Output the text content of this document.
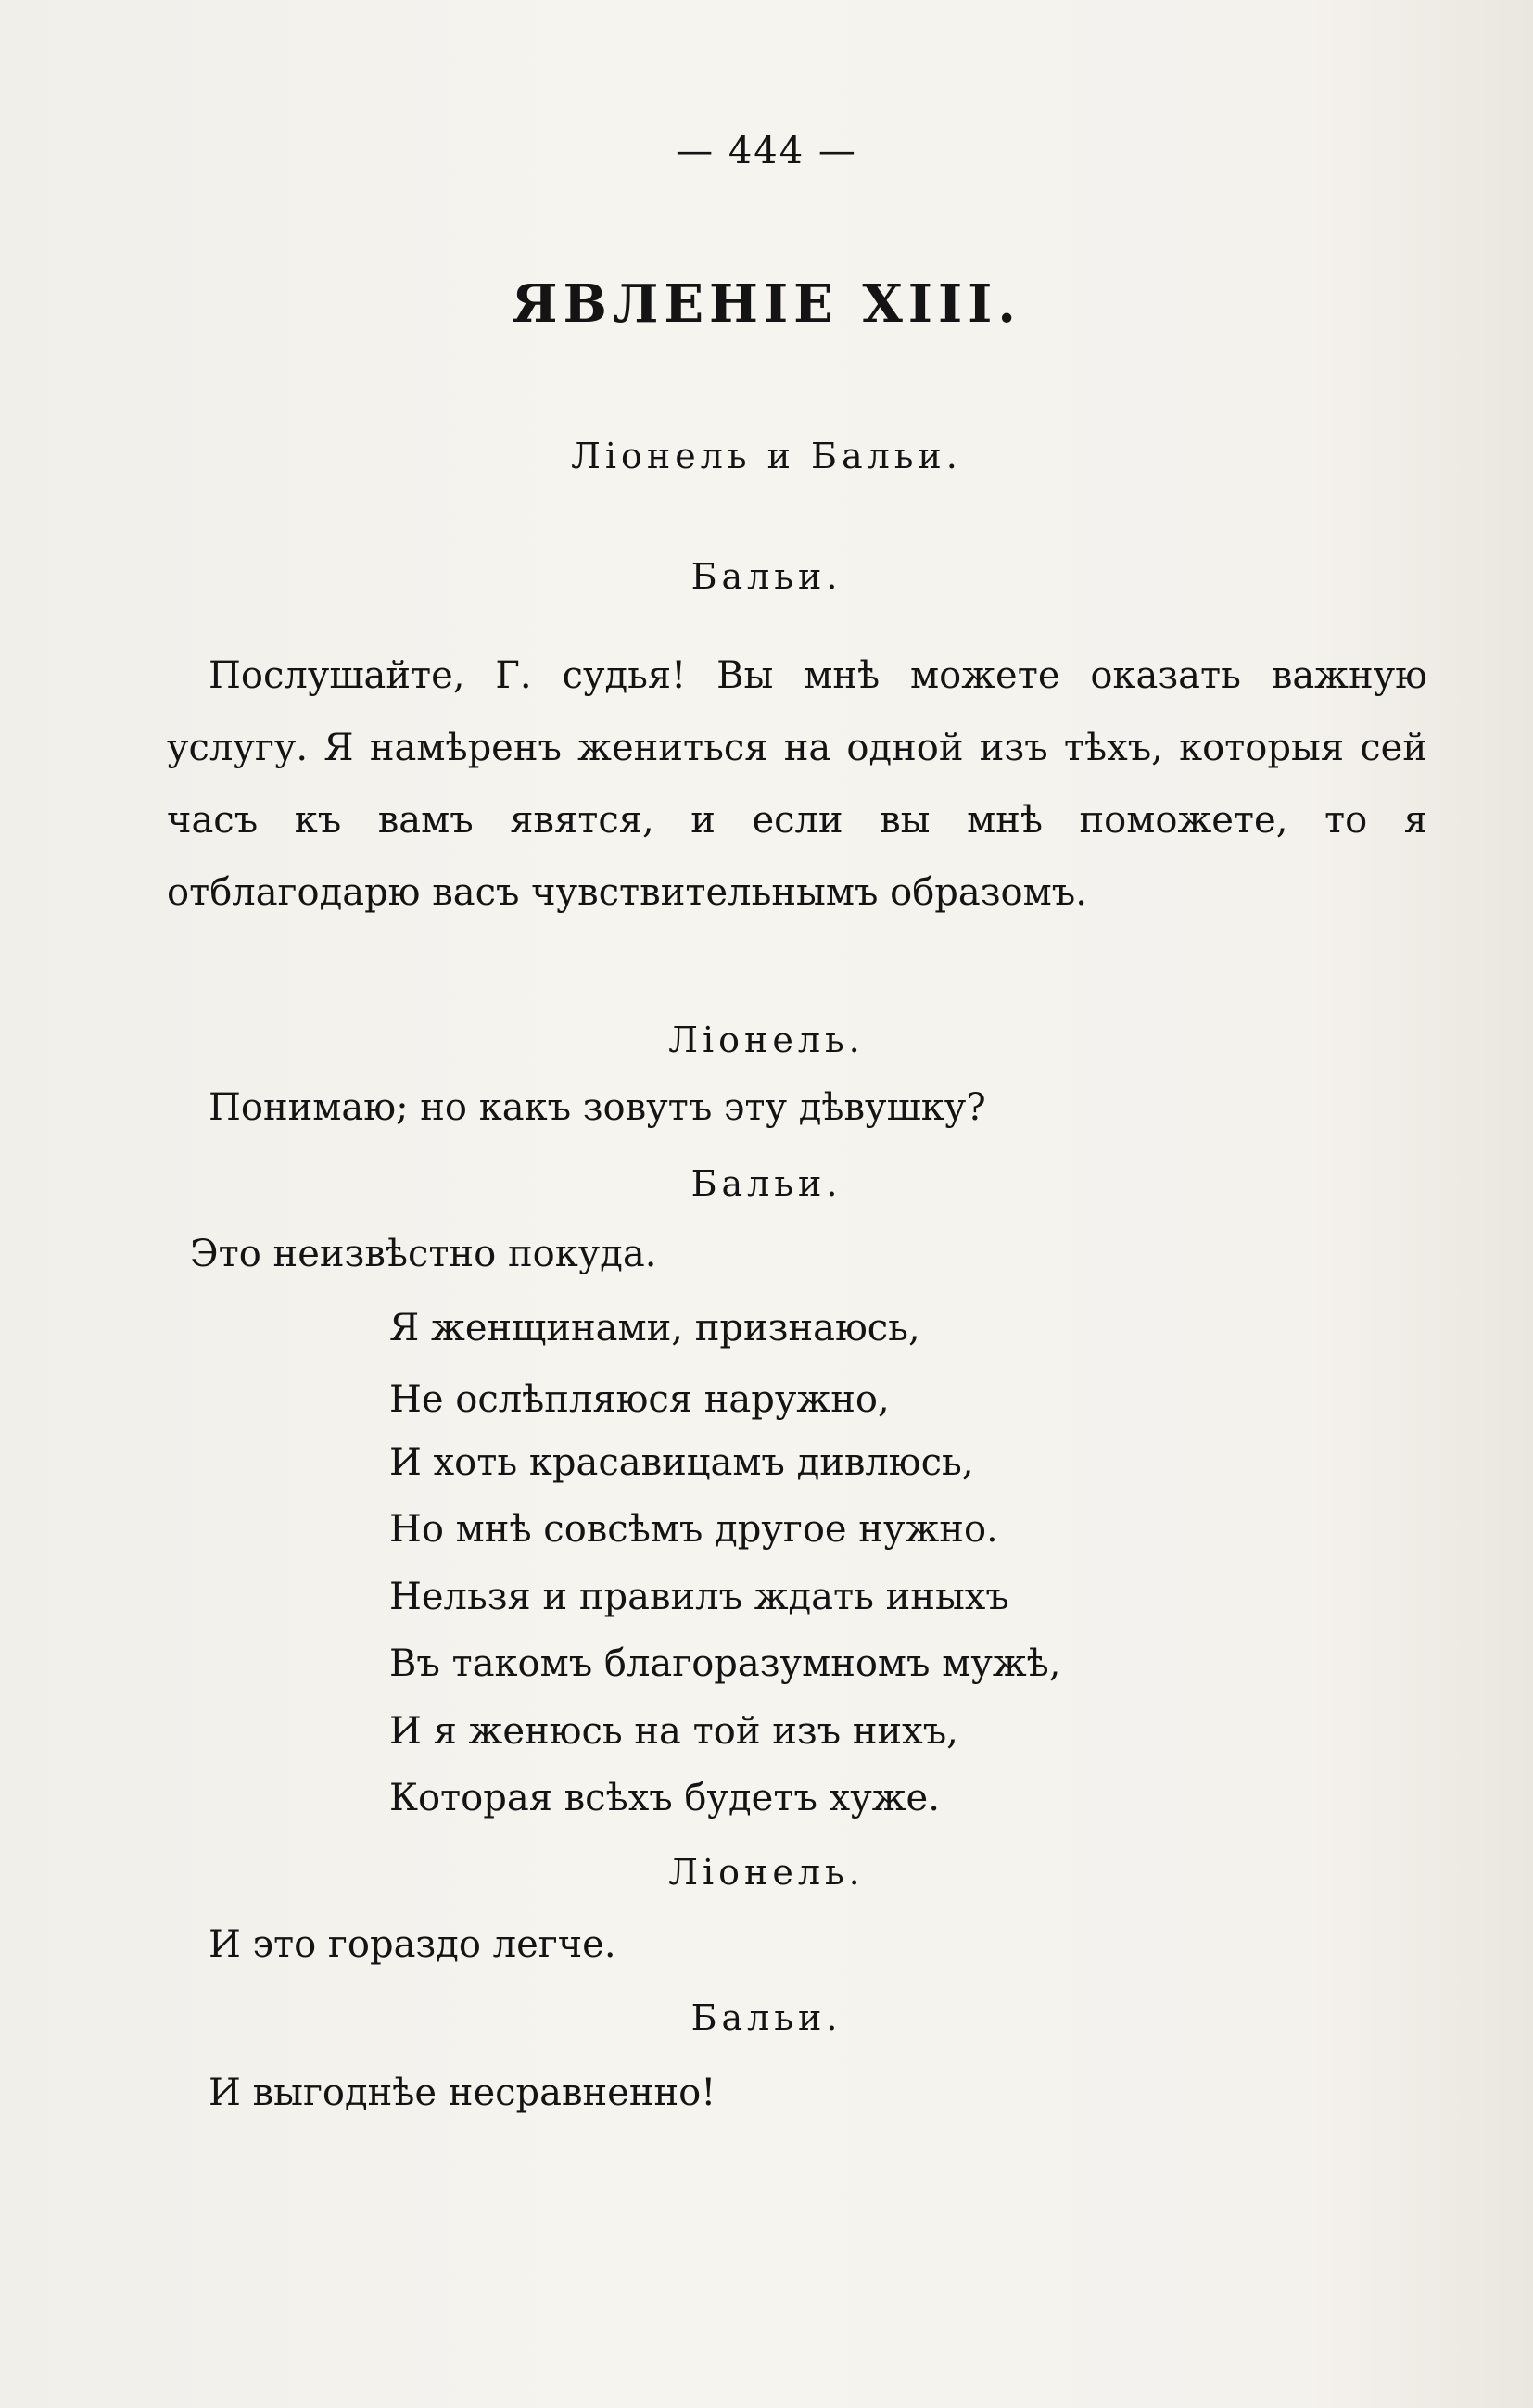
— 444 —
ЯВЛЕНІЕ XIII.
Ліонель и Бальи.
Бальи.

Послушайте, Г. судья! Вы мнѣ можете оказать важную услугу. Я намѣренъ жениться на одной изъ тѣхъ, которыя сей часъ къ вамъ явятся, и если вы мнѣ поможете, то я отблагодарю васъ чувствительнымъ образомъ.

Ліонель.
Понимаю; но какъ зовутъ эту дѣвушку?
Бальи.
Это неизвѣстно покуда.
Я женщинами, признаюсь,
Не ослѣпляюся наружно,
И хоть красавицамъ дивлюсь,
Но мнѣ совсѣмъ другое нужно.
Нельзя и правилъ ждать иныхъ
Въ такомъ благоразумномъ мужѣ,
И я женюсь на той изъ нихъ,
Которая всѣхъ будетъ хуже.
Ліонель.
И это гораздо легче.
Бальи.
И выгоднѣе несравненно!
